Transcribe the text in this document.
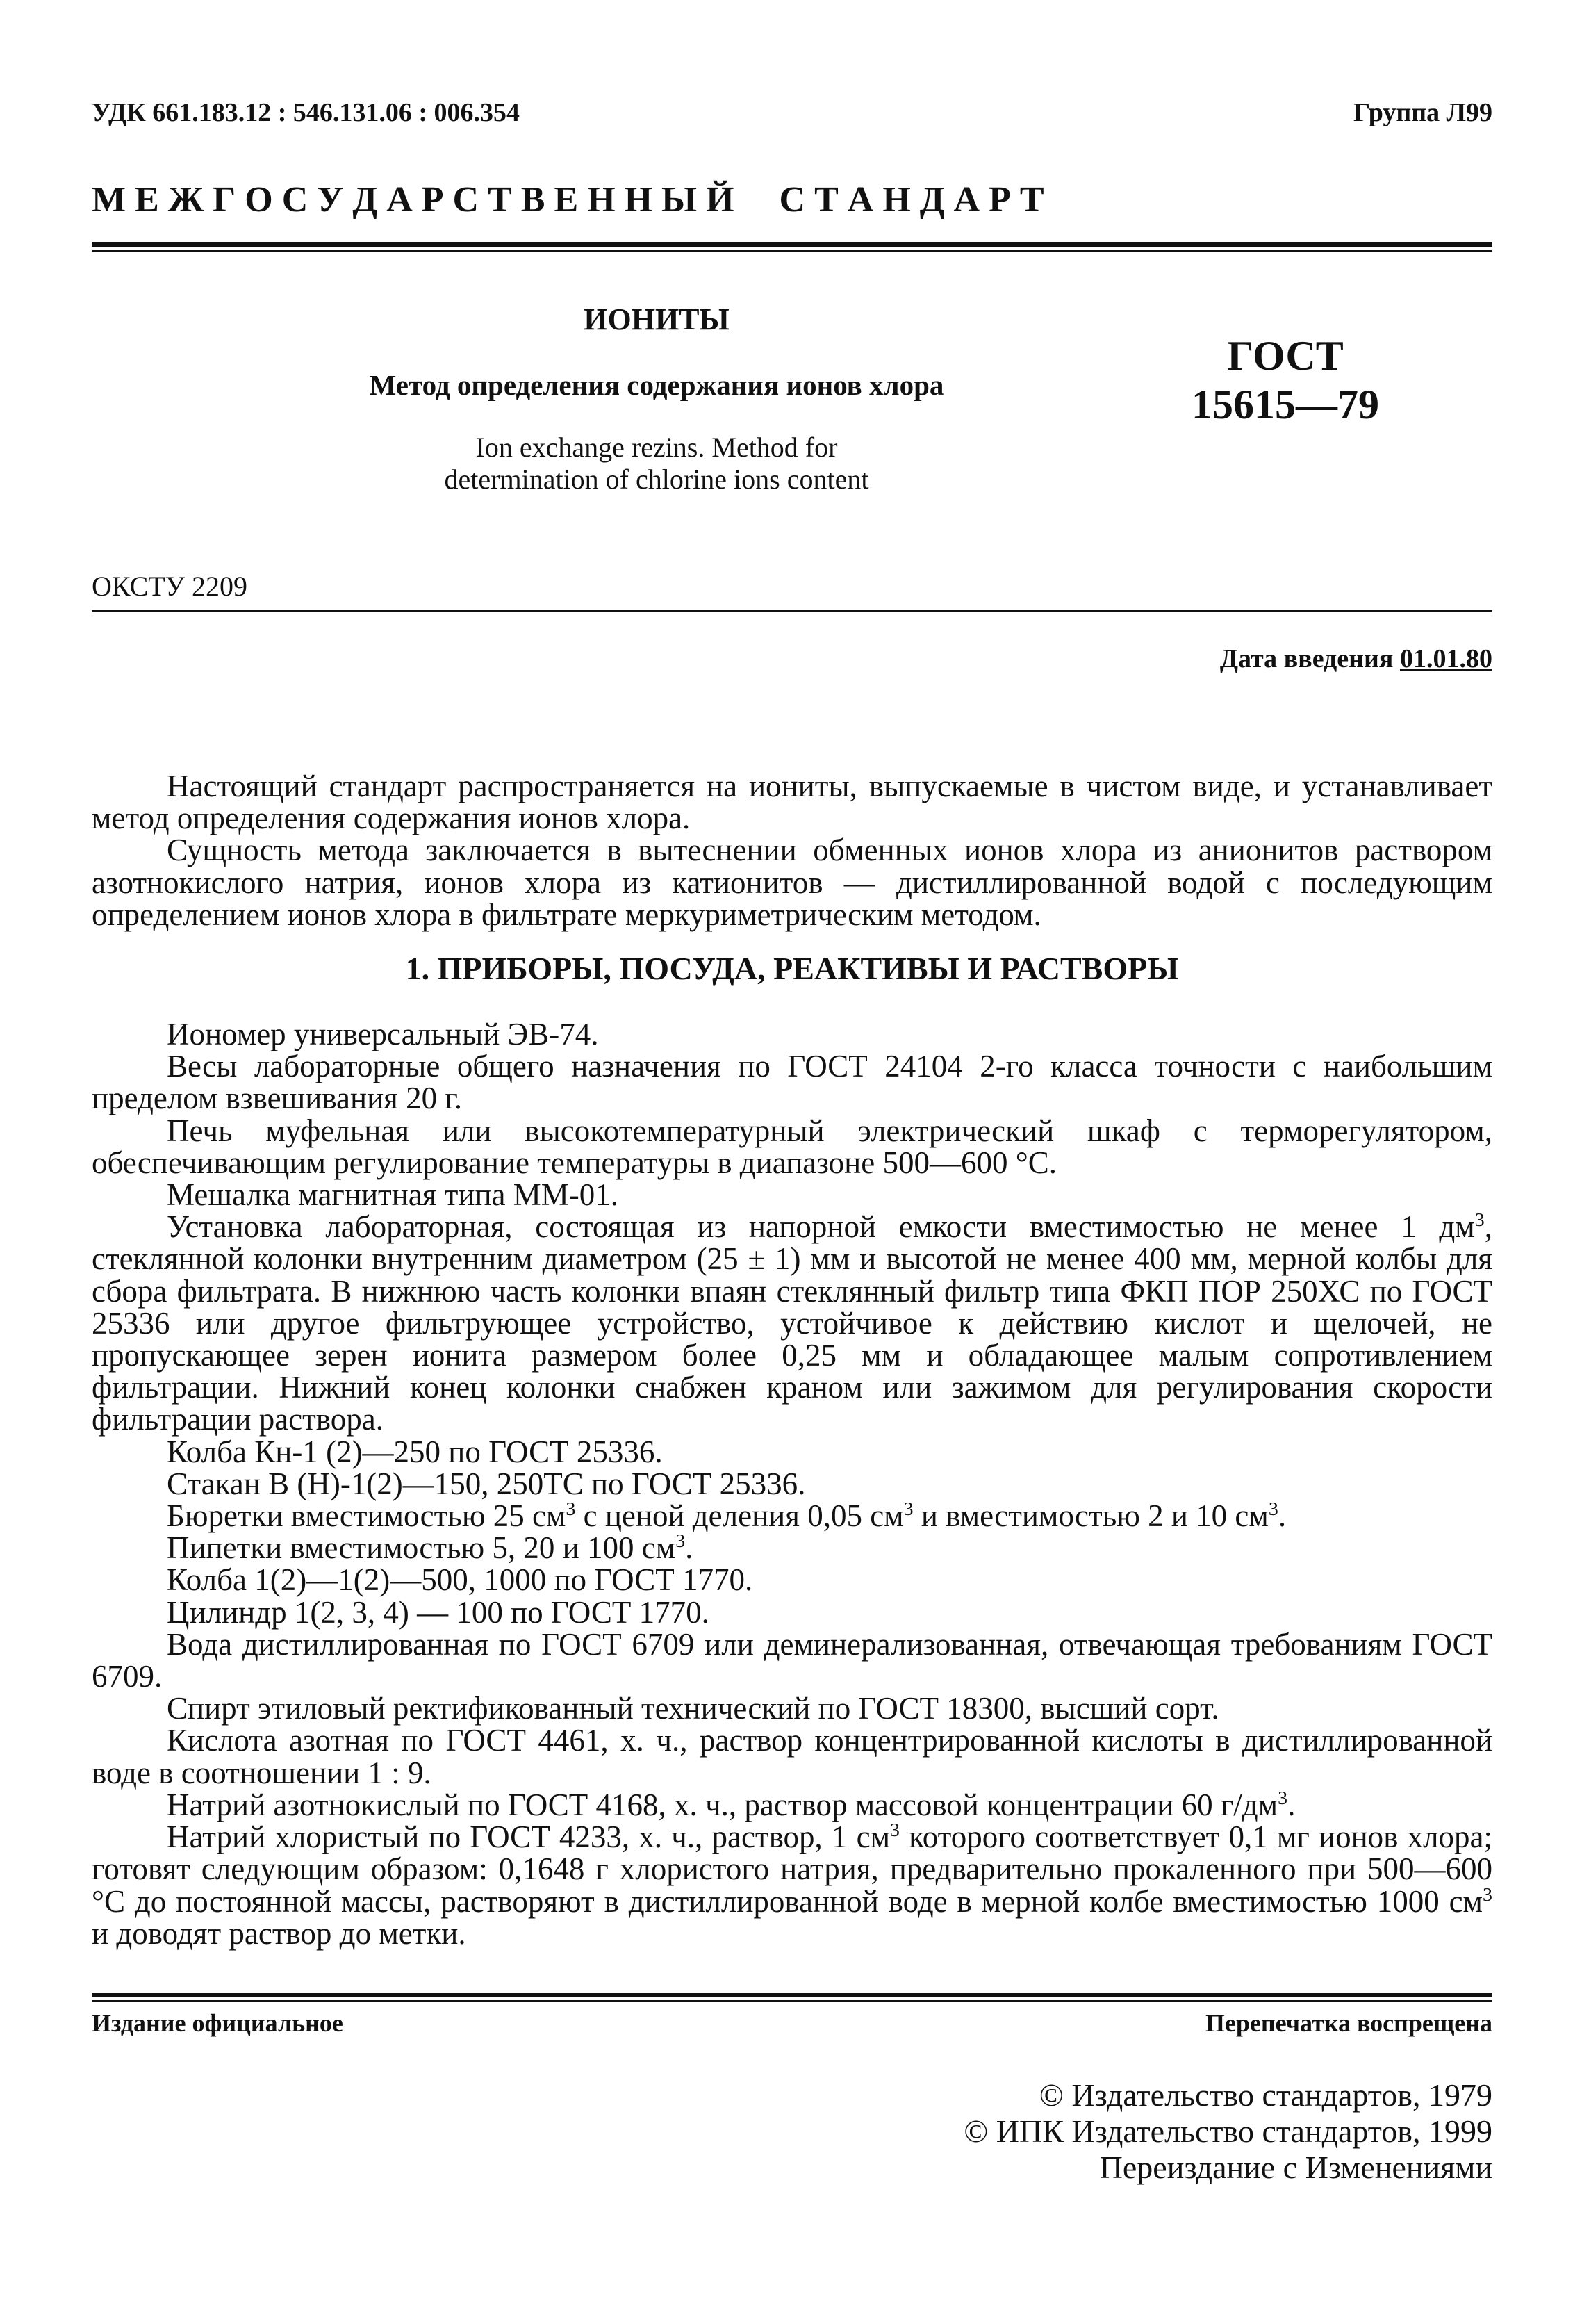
УДК 661.183.12 : 546.131.06 : 006.354	Группа Л99
М Е Ж Г О С У Д А Р С Т В Е Н Н Ы Й     С Т А Н Д А Р Т
ИОНИТЫ
Метод определения содержания ионов хлора
Ion exchange rezins. Method for
determination of chlorine ions content
ГОСТ
15615—79
ОКСТУ 2209
Дата введения 01.01.80

Настоящий стандарт распространяется на иониты, выпускаемые в чистом виде, и устанавливает метод определения содержания ионов хлора.

Сущность метода заключается в вытеснении обменных ионов хлора из анионитов раствором азотнокислого натрия, ионов хлора из катионитов — дистиллированной водой с последующим определением ионов хлора в фильтрате меркуриметрическим методом.

1. ПРИБОРЫ, ПОСУДА, РЕАКТИВЫ И РАСТВОРЫ

Иономер универсальный ЭВ-74.

Весы лабораторные общего назначения по ГОСТ 24104 2-го класса точности с наибольшим пределом взвешивания 20 г.

Печь муфельная или высокотемпературный электрический шкаф с терморегулятором, обеспечивающим регулирование температуры в диапазоне 500—600 °С.

Мешалка магнитная типа ММ-01.

Установка лабораторная, состоящая из напорной емкости вместимостью не менее 1 $дм^3$, стеклянной колонки внутренним диаметром (25 ± 1) мм и высотой не менее 400 мм, мерной колбы для сбора фильтрата. В нижнюю часть колонки впаян стеклянный фильтр типа ФКП ПОР 250ХС по ГОСТ 25336 или другое фильтрующее устройство, устойчивое к действию кислот и щелочей, не пропускающее зерен ионита размером более 0,25 мм и обладающее малым сопротивлением фильтрации. Нижний конец колонки снабжен краном или зажимом для регулирования скорости фильтрации раствора.

Колба Кн-1 (2)—250 по ГОСТ 25336.

Стакан В (Н)-1(2)—150, 250ТС по ГОСТ 25336.

Бюретки вместимостью 25 $см^3$ с ценой деления 0,05 $см^3$ и вместимостью 2 и 10 $см^3$.

Пипетки вместимостью 5, 20 и 100 $см^3$.

Колба 1(2)—1(2)—500, 1000 по ГОСТ 1770.

Цилиндр 1(2, 3, 4) — 100 по ГОСТ 1770.

Вода дистиллированная по ГОСТ 6709 или деминерализованная, отвечающая требованиям ГОСТ 6709.

Спирт этиловый ректификованный технический по ГОСТ 18300, высший сорт.

Кислота азотная по ГОСТ 4461, х. ч., раствор концентрированной кислоты в дистиллированной воде в соотношении 1 : 9.

Натрий азотнокислый по ГОСТ 4168, х. ч., раствор массовой концентрации 60 $г/дм^3$.

Натрий хлористый по ГОСТ 4233, х. ч., раствор, 1 $см^3$ которого соответствует 0,1 мг ионов хлора; готовят следующим образом: 0,1648 г хлористого натрия, предварительно прокаленного при 500—600 °С до постоянной массы, растворяют в дистиллированной воде в мерной колбе вместимостью 1000 $см^3$ и доводят раствор до метки.

Издание официальное	Перепечатка воспрещена
© Издательство стандартов, 1979
© ИПК Издательство стандартов, 1999
Переиздание с Изменениями
